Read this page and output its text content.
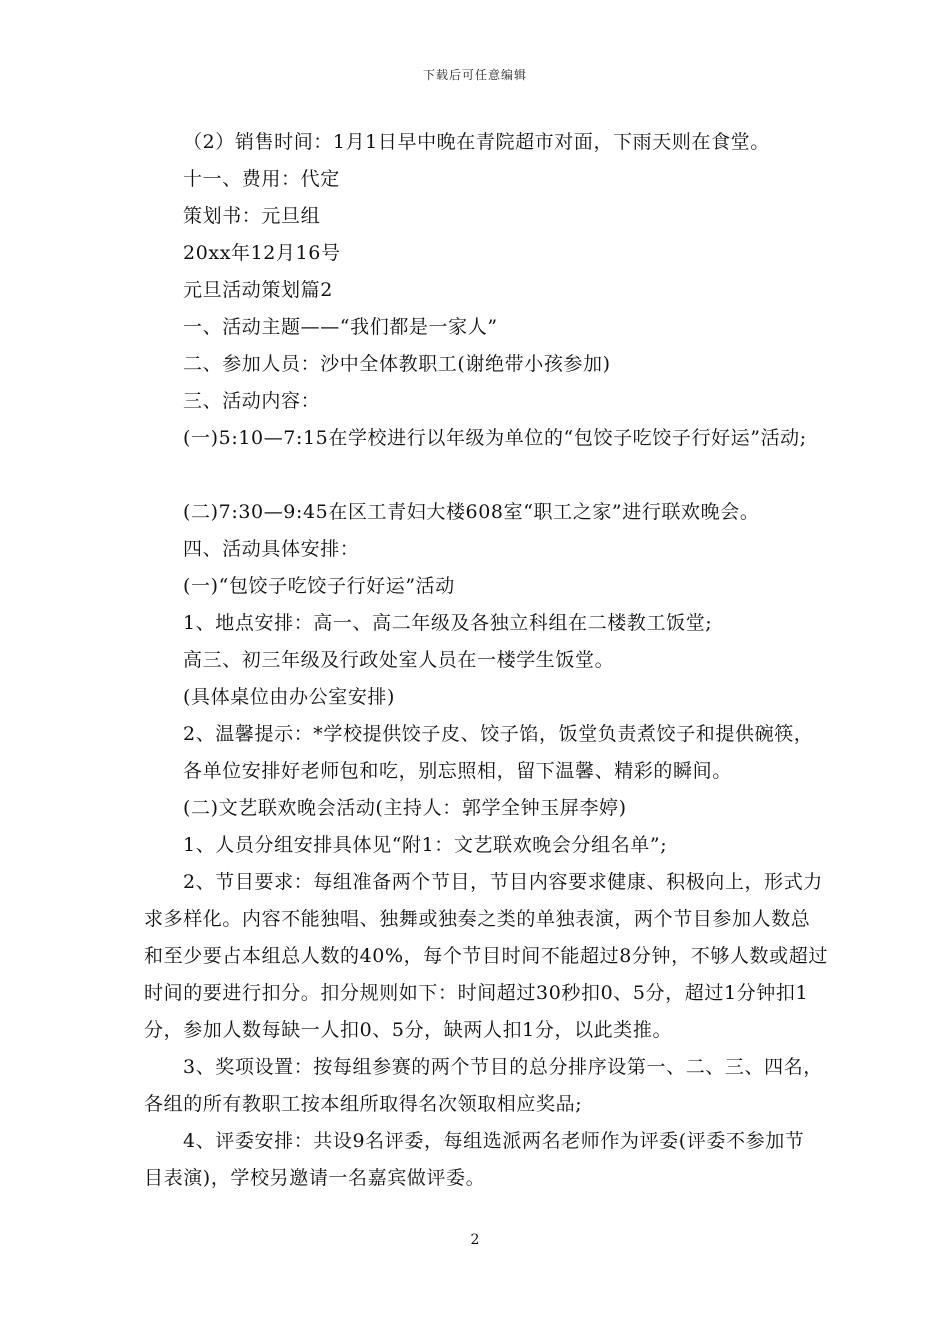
下载后可任意编辑
（2）销售时间：1月1日早中晚在青院超市对面，下雨天则在食堂。
十一、费用：代定
策划书：元旦组
20xx年12月16号
元旦活动策划篇2
一、活动主题——“我们都是一家人”
二、参加人员：沙中全体教职工(谢绝带小孩参加)
三、活动内容：
(一)5:10—7:15在学校进行以年级为单位的“包饺子吃饺子行好运”活动;
(二)7:30—9:45在区工青妇大楼608室“职工之家”进行联欢晚会。
四、活动具体安排：
(一)“包饺子吃饺子行好运”活动
1、地点安排：高一、高二年级及各独立科组在二楼教工饭堂;
高三、初三年级及行政处室人员在一楼学生饭堂。
(具体桌位由办公室安排)
2、温馨提示：*学校提供饺子皮、饺子馅，饭堂负责煮饺子和提供碗筷，
各单位安排好老师包和吃，别忘照相，留下温馨、精彩的瞬间。
(二)文艺联欢晚会活动(主持人：郭学全钟玉屏李婷)
1、人员分组安排具体见“附1：文艺联欢晚会分组名单”;
2、节目要求：每组准备两个节目，节目内容要求健康、积极向上，形式力
求多样化。内容不能独唱、独舞或独奏之类的单独表演，两个节目参加人数总
和至少要占本组总人数的40%，每个节目时间不能超过8分钟，不够人数或超过
时间的要进行扣分。扣分规则如下：时间超过30秒扣0、5分，超过1分钟扣1
分，参加人数每缺一人扣0、5分，缺两人扣1分，以此类推。
3、奖项设置：按每组参赛的两个节目的总分排序设第一、二、三、四名，
各组的所有教职工按本组所取得名次领取相应奖品;
4、评委安排：共设9名评委，每组选派两名老师作为评委(评委不参加节
目表演)，学校另邀请一名嘉宾做评委。
2
